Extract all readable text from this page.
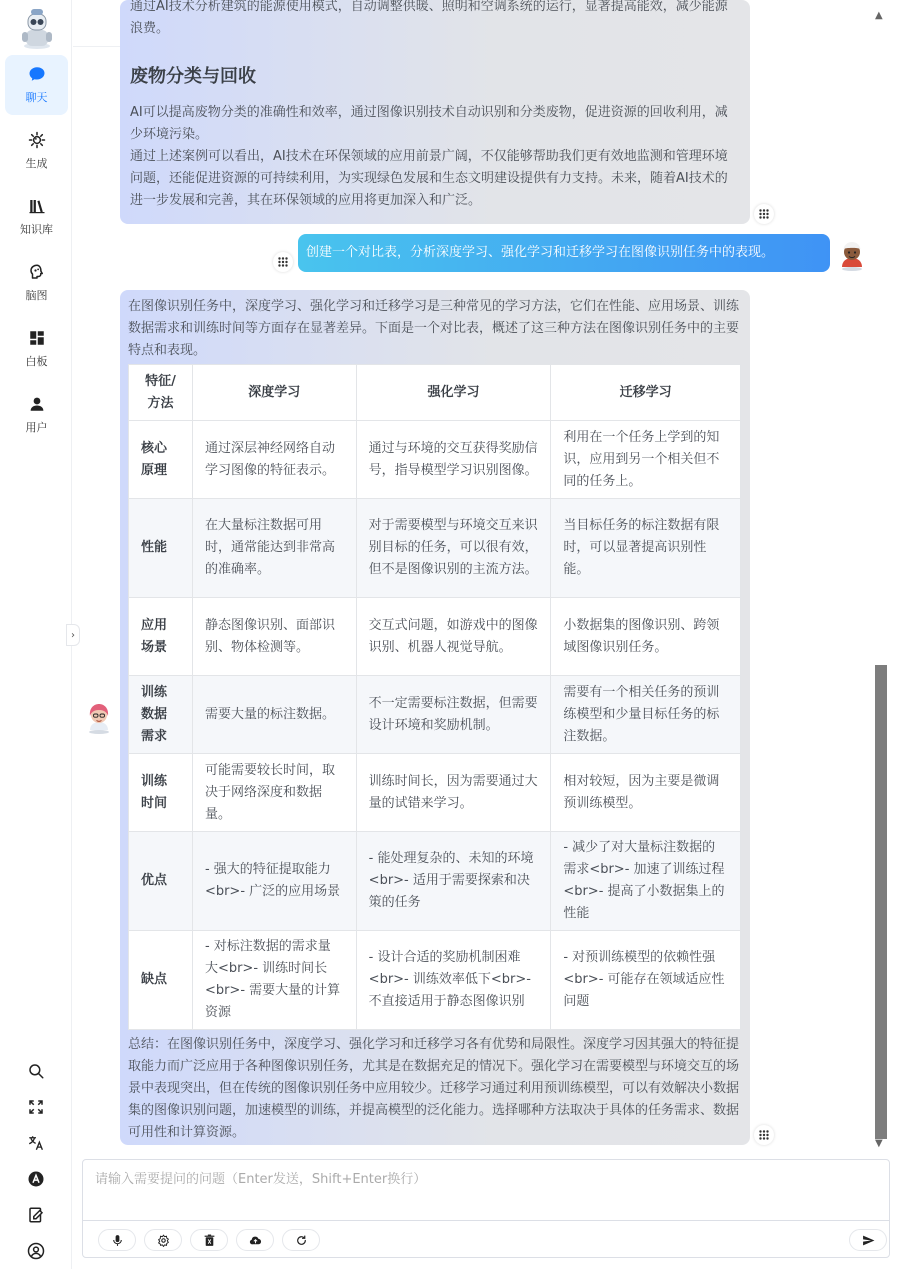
聊天
生成
知识库
脑图
白板
用户
›
▲
▼

通过AI技术分析建筑的能源使用模式，自动调整供暖、照明和空调系统的运行，显著提高能效，减少能源浪费。

废物分类与回收

AI可以提高废物分类的准确性和效率，通过图像识别技术自动识别和分类废物，促进资源的回收利用，减少环境污染。

通过上述案例可以看出，AI技术在环保领域的应用前景广阔，不仅能够帮助我们更有效地监测和管理环境问题，还能促进资源的可持续利用，为实现绿色发展和生态文明建设提供有力支持。未来，随着AI技术的进一步发展和完善，其在环保领域的应用将更加深入和广泛。

创建一个对比表，分析深度学习、强化学习和迁移学习在图像识别任务中的表现。

在图像识别任务中，深度学习、强化学习和迁移学习是三种常见的学习方法，它们在性能、应用场景、训练数据需求和训练时间等方面存在显著差异。下面是一个对比表，概述了这三种方法在图像识别任务中的主要特点和表现。

特征/方法	深度学习	强化学习	迁移学习
核心原理	通过深层神经网络自动学习图像的特征表示。	通过与环境的交互获得奖励信号，指导模型学习识别图像。	利用在一个任务上学到的知识，应用到另一个相关但不同的任务上。
性能	在大量标注数据可用时，通常能达到非常高的准确率。	对于需要模型与环境交互来识别目标的任务，可以很有效，但不是图像识别的主流方法。	当目标任务的标注数据有限时，可以显著提高识别性能。
应用场景	静态图像识别、面部识别、物体检测等。	交互式问题，如游戏中的图像识别、机器人视觉导航。	小数据集的图像识别、跨领域图像识别任务。
训练数据需求	需要大量的标注数据。	不一定需要标注数据，但需要设计环境和奖励机制。	需要有一个相关任务的预训练模型和少量目标任务的标注数据。
训练时间	可能需要较长时间，取决于网络深度和数据量。	训练时间长，因为需要通过大量的试错来学习。	相对较短，因为主要是微调预训练模型。
优点	- 强大的特征提取能力<br>- 广泛的应用场景	- 能处理复杂的、未知的环境<br>- 适用于需要探索和决策的任务	- 减少了对大量标注数据的需求<br>- 加速了训练过程<br>- 提高了小数据集上的性能
缺点	- 对标注数据的需求量大<br>- 训练时间长<br>- 需要大量的计算资源	- 设计合适的奖励机制困难<br>- 训练效率低下<br>- 不直接适用于静态图像识别	- 对预训练模型的依赖性强<br>- 可能存在领域适应性问题

总结：在图像识别任务中，深度学习、强化学习和迁移学习各有优势和局限性。深度学习因其强大的特征提取能力而广泛应用于各种图像识别任务，尤其是在数据充足的情况下。强化学习在需要模型与环境交互的场景中表现突出，但在传统的图像识别任务中应用较少。迁移学习通过利用预训练模型，可以有效解决小数据集的图像识别问题，加速模型的训练，并提高模型的泛化能力。选择哪种方法取决于具体的任务需求、数据可用性和计算资源。

请输入需要提问的问题（Enter发送，Shift+Enter换行）
